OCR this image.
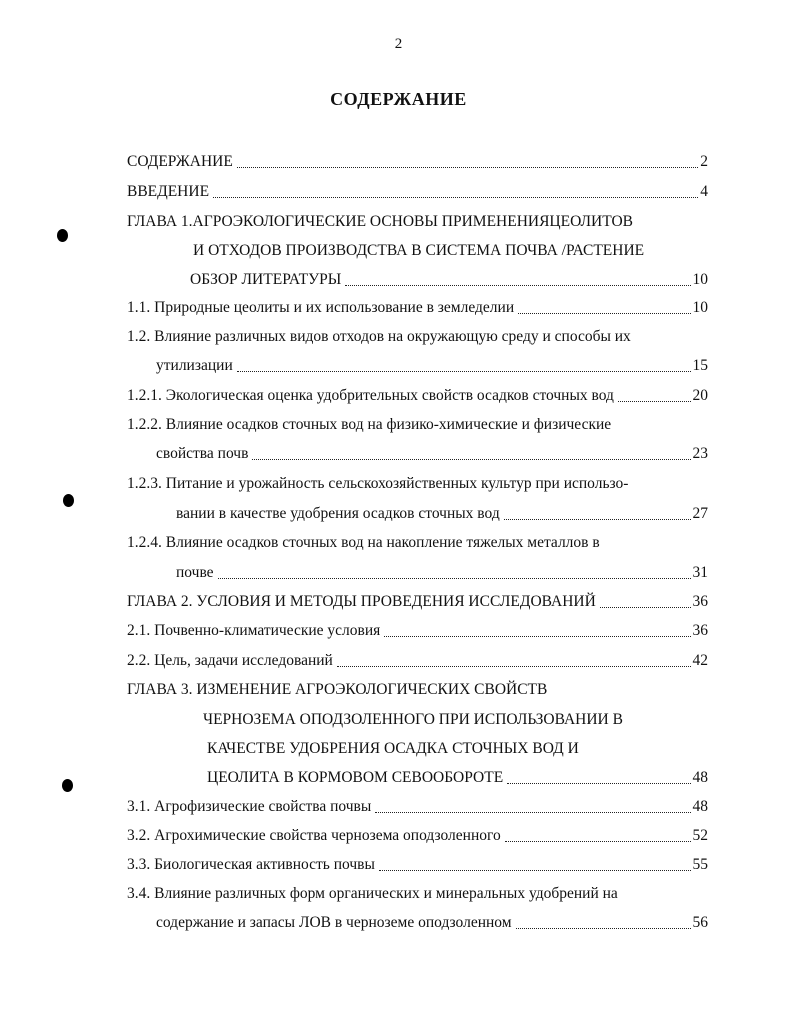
2
СОДЕРЖАНИЕ
СОДЕРЖАНИЕ	2
ВВЕДЕНИЕ	4
ГЛАВА 1.АГРОЭКОЛОГИЧЕСКИЕ ОСНОВЫ ПРИМЕНЕНИЯЦЕОЛИТОВ
И ОТХОДОВ ПРОИЗВОДСТВА В СИСТЕМА ПОЧВА /РАСТЕНИЕ
ОБЗОР ЛИТЕРАТУРЫ	10
1.1. Природные цеолиты и их использование в земледелии	10
1.2. Влияние различных видов отходов на окружающую среду и способы их
утилизации	15
1.2.1. Экологическая оценка удобрительных свойств осадков сточных вод	20
1.2.2. Влияние осадков сточных вод на физико-химические и физические
свойства почв	23
1.2.3. Питание и урожайность сельскохозяйственных культур при использо-
вании в качестве удобрения осадков сточных вод	27
1.2.4. Влияние осадков сточных вод на накопление тяжелых металлов в
почве	31
ГЛАВА 2. УСЛОВИЯ И МЕТОДЫ ПРОВЕДЕНИЯ ИССЛЕДОВАНИЙ	36
2.1. Почвенно-климатические условия	36
2.2. Цель, задачи исследований	42
ГЛАВА 3. ИЗМЕНЕНИЕ АГРОЭКОЛОГИЧЕСКИХ СВОЙСТВ
ЧЕРНОЗЕМА ОПОДЗОЛЕННОГО ПРИ ИСПОЛЬЗОВАНИИ В
КАЧЕСТВЕ УДОБРЕНИЯ ОСАДКА СТОЧНЫХ ВОД И
ЦЕОЛИТА В КОРМОВОМ СЕВООБОРОТЕ	48
3.1. Агрофизические свойства почвы	48
3.2. Агрохимические свойства чернозема оподзоленного	52
3.3. Биологическая активность почвы	55
3.4. Влияние различных форм органических и минеральных удобрений на
содержание и запасы ЛОВ в черноземе оподзоленном	56
